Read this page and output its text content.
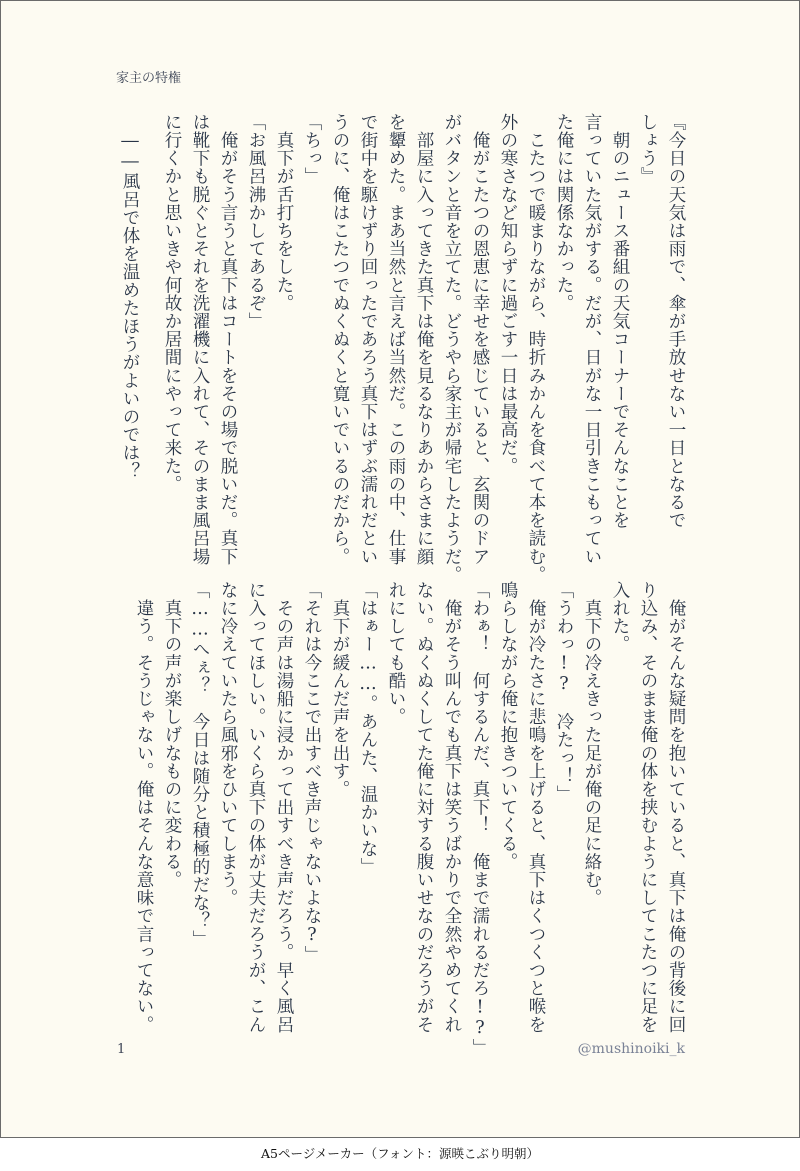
家主の特権
『今日の天気は雨で、傘が手放せない一日となるで
しょう』
　朝のニュース番組の天気コーナーでそんなことを
言っていた気がする。だが、日がな一日引きこもってい
た俺には関係なかった。
　こたつで暖まりながら、時折みかんを食べて本を読む。
外の寒さなど知らずに過ごす一日は最高だ。
　俺がこたつの恩恵に幸せを感じていると、玄関のドア
がバタンと音を立てた。どうやら家主が帰宅したようだ。
　部屋に入ってきた真下は俺を見るなりあからさまに顔
を顰めた。まあ当然と言えば当然だ。この雨の中、仕事
で街中を駆けずり回ったであろう真下はずぶ濡れだとい
うのに、俺はこたつでぬくぬくと寛いでいるのだから。
「ちっ」
　真下が舌打ちをした。
「お風呂沸かしてあるぞ」
　俺がそう言うと真下はコートをその場で脱いだ。真下
は靴下も脱ぐとそれを洗濯機に入れて、そのまま風呂場
に行くかと思いきや何故か居間にやって来た。
　――風呂で体を温めたほうがよいのでは？
　俺がそんな疑問を抱いていると、真下は俺の背後に回
り込み、そのまま俺の体を挟むようにしてこたつに足を
入れた。
　真下の冷えきった足が俺の足に絡む。
「うわっ!?　冷たっ！」
　俺が冷たさに悲鳴を上げると、真下はくつくつと喉を
鳴らしながら俺に抱きついてくる。
「わぁ！　何するんだ、真下！　俺まで濡れるだろ!?」
　俺がそう叫んでも真下は笑うばかりで全然やめてくれ
ない。ぬくぬくしてた俺に対する腹いせなのだろうがそ
れにしても酷い。
「はぁー……。あんた、温かいな」
　真下が緩んだ声を出す。
「それは今ここで出すべき声じゃないよな?」
　その声は湯船に浸かって出すべき声だろう。早く風呂
に入ってほしい。いくら真下の体が丈夫だろうが、こん
なに冷えていたら風邪をひいてしまう。
「……へぇ？　今日は随分と積極的だな？」
　真下の声が楽しげなものに変わる。
　違う。そうじゃない。俺はそんな意味で言ってない。
1	@mushinoiki_k
A5ページメーカー（フォント：源暎こぶり明朝）
